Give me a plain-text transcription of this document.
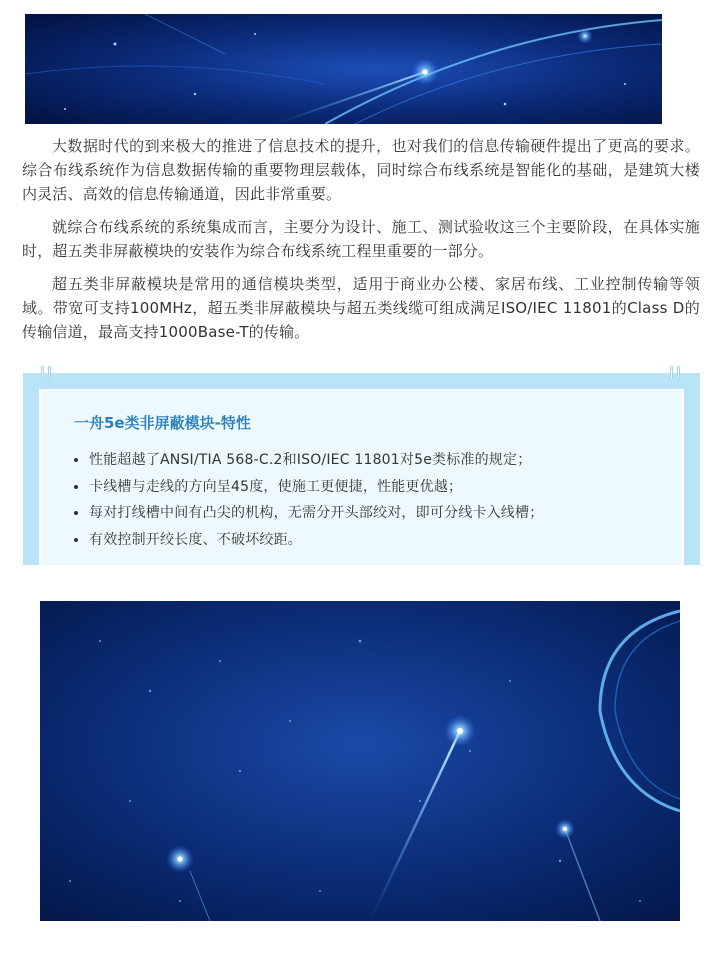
大数据时代的到来极大的推进了信息技术的提升，也对我们的信息传输硬件提出了更高的要求。综合布线系统作为信息数据传输的重要物理层载体，同时综合布线系统是智能化的基础，是建筑大楼内灵活、高效的信息传输通道，因此非常重要。

就综合布线系统的系统集成而言，主要分为设计、施工、测试验收这三个主要阶段，在具体实施时，超五类非屏蔽模块的安装作为综合布线系统工程里重要的一部分。

超五类非屏蔽模块是常用的通信模块类型，适用于商业办公楼、家居布线、工业控制传输等领域。带宽可支持100MHz，超五类非屏蔽模块与超五类线缆可组成满足ISO/IEC 11801的Class D的传输信道，最高支持1000Base-T的传输。

一舟5e类非屏蔽模块-特性
• 性能超越了ANSI/TIA 568-C.2和ISO/IEC 11801对5e类标准的规定；
• 卡线槽与走线的方向呈45度，使施工更便捷，性能更优越；
• 每对打线槽中间有凸尖的机构，无需分开头部绞对，即可分线卡入线槽；
• 有效控制开绞长度、不破坏绞距。
